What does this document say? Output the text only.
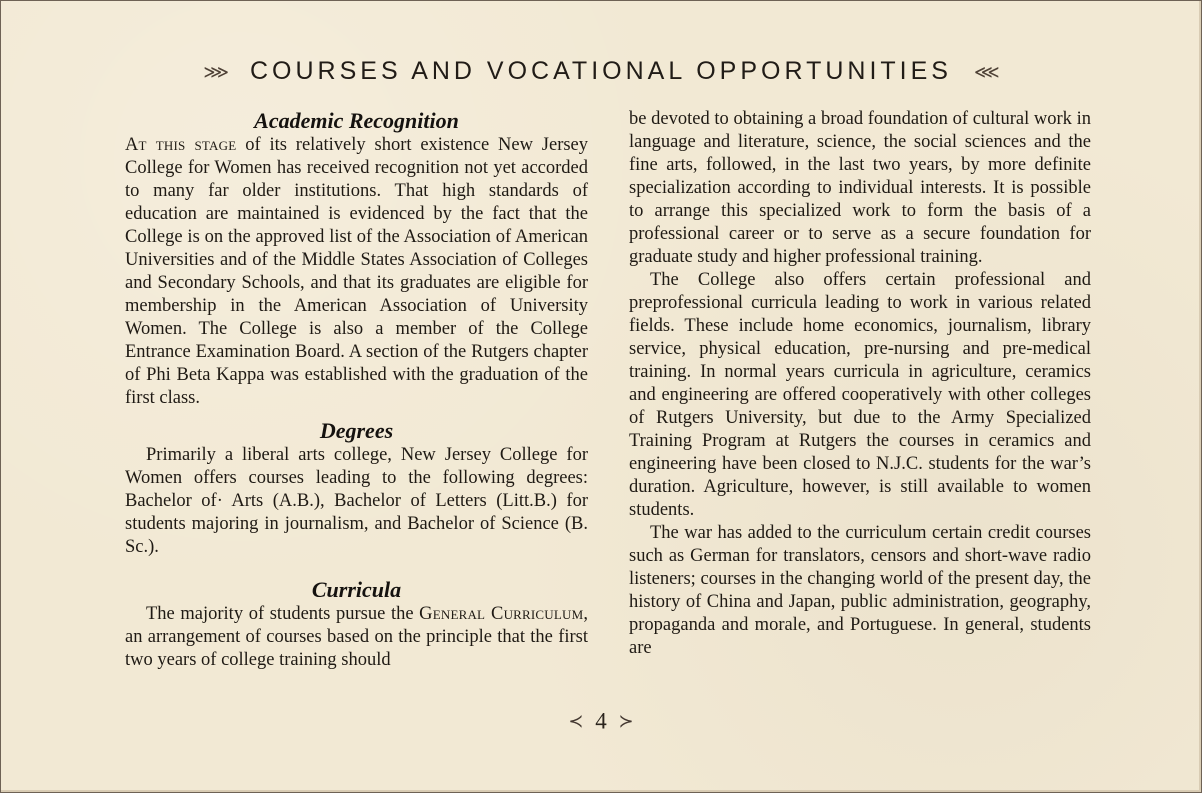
⋙ COURSES AND VOCATIONAL OPPORTUNITIES ⋘
Academic Recognition

At this stage of its relatively short existence New Jersey College for Women has received recognition not yet accorded to many far older institutions. That high standards of education are maintained is evidenced by the fact that the College is on the approved list of the Association of American Universities and of the Middle States Association of Colleges and Secondary Schools, and that its graduates are eligible for membership in the American Association of University Women. The College is also a member of the College Entrance Examination Board. A section of the Rutgers chapter of Phi Beta Kappa was established with the graduation of the first class.

Degrees

Primarily a liberal arts college, New Jersey College for Women offers courses leading to the following degrees: Bachelor of· Arts (A.B.), Bachelor of Letters (Litt.B.) for students majoring in journalism, and Bachelor of Science (B. Sc.).

Curricula

The majority of students pursue the General Curriculum, an arrangement of courses based on the principle that the first two years of college training should

be devoted to obtaining a broad foundation of cultural work in language and literature, science, the social sciences and the fine arts, followed, in the last two years, by more definite specialization according to individual interests. It is possible to arrange this specialized work to form the basis of a professional career or to serve as a secure foundation for graduate study and higher professional training.

The College also offers certain professional and preprofessional curricula leading to work in various related fields. These include home economics, journalism, library service, physical education, pre-nursing and pre-medical training. In normal years curricula in agriculture, ceramics and engineering are offered cooperatively with other colleges of Rutgers University, but due to the Army Specialized Training Program at Rutgers the courses in ceramics and engineering have been closed to N.J.C. students for the war’s duration. Agriculture, however, is still available to women students.

The war has added to the curriculum certain credit courses such as German for translators, censors and short-wave radio listeners; courses in the changing world of the present day, the history of China and Japan, public administration, geography, propaganda and morale, and Portuguese. In general, students are

≺ 4 ≻
